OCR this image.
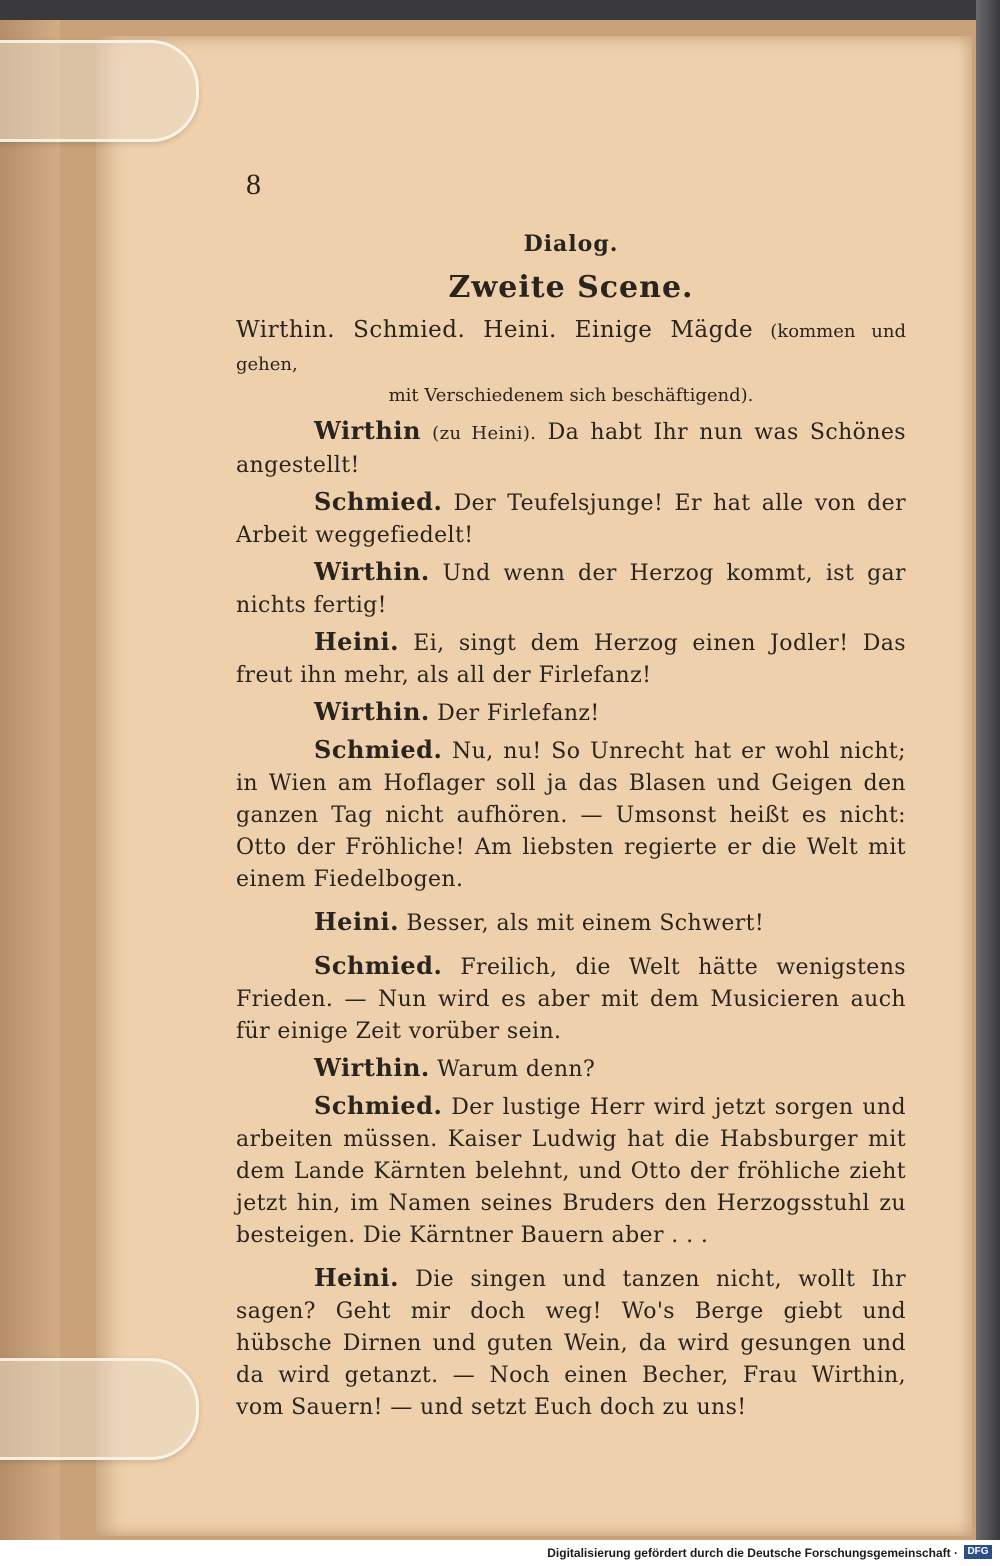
8

Dialog.

Zweite Scene.

Wirthin. Schmied. Heini. Einige Mägde (kommen und gehen,
mit Verschiedenem sich beschäftigend).

Wirthin (zu Heini). Da habt Ihr nun was Schönes angestellt!

Schmied. Der Teufelsjunge! Er hat alle von der Arbeit weggefiedelt!

Wirthin. Und wenn der Herzog kommt, ist gar nichts fertig!

Heini. Ei, singt dem Herzog einen Jodler! Das freut ihn mehr, als all der Firlefanz!

Wirthin. Der Firlefanz!

Schmied. Nu, nu! So Unrecht hat er wohl nicht; in Wien am Hoflager soll ja das Blasen und Geigen den ganzen Tag nicht aufhören. — Umsonst heißt es nicht: Otto der Fröhliche! Am liebsten regierte er die Welt mit einem Fiedelbogen.

Heini. Besser, als mit einem Schwert!

Schmied. Freilich, die Welt hätte wenigstens Frieden. — Nun wird es aber mit dem Musicieren auch für einige Zeit vorüber sein.

Wirthin. Warum denn?

Schmied. Der lustige Herr wird jetzt sorgen und arbeiten müssen. Kaiser Ludwig hat die Habsburger mit dem Lande Kärnten belehnt, und Otto der fröhliche zieht jetzt hin, im Namen seines Bruders den Herzogsstuhl zu besteigen. Die Kärntner Bauern aber . . .

Heini. Die singen und tanzen nicht, wollt Ihr sagen? Geht mir doch weg! Wo's Berge giebt und hübsche Dirnen und guten Wein, da wird gesungen und da wird getanzt. — Noch einen Becher, Frau Wirthin, vom Sauern! — und setzt Euch doch zu uns!

Digitalisierung gefördert durch die Deutsche Forschungsgemeinschaft · DFG
